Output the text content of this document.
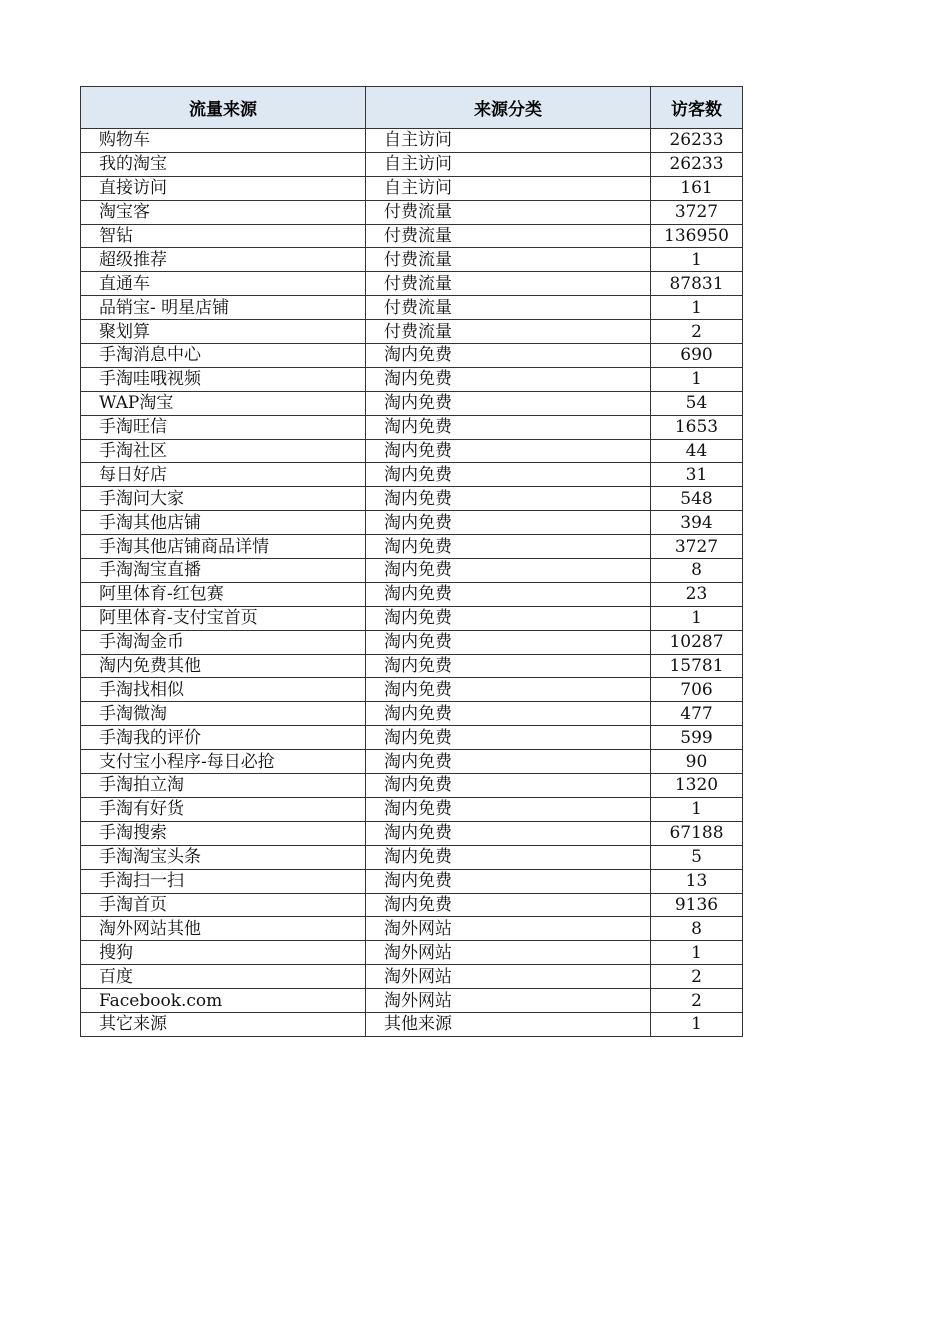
流量来源	来源分类	访客数
购物车	自主访问	26233
我的淘宝	自主访问	26233
直接访问	自主访问	161
淘宝客	付费流量	3727
智钻	付费流量	136950
超级推荐	付费流量	1
直通车	付费流量	87831
品销宝- 明星店铺	付费流量	1
聚划算	付费流量	2
手淘消息中心	淘内免费	690
手淘哇哦视频	淘内免费	1
WAP淘宝	淘内免费	54
手淘旺信	淘内免费	1653
手淘社区	淘内免费	44
每日好店	淘内免费	31
手淘问大家	淘内免费	548
手淘其他店铺	淘内免费	394
手淘其他店铺商品详情	淘内免费	3727
手淘淘宝直播	淘内免费	8
阿里体育-红包赛	淘内免费	23
阿里体育-支付宝首页	淘内免费	1
手淘淘金币	淘内免费	10287
淘内免费其他	淘内免费	15781
手淘找相似	淘内免费	706
手淘微淘	淘内免费	477
手淘我的评价	淘内免费	599
支付宝小程序-每日必抢	淘内免费	90
手淘拍立淘	淘内免费	1320
手淘有好货	淘内免费	1
手淘搜索	淘内免费	67188
手淘淘宝头条	淘内免费	5
手淘扫一扫	淘内免费	13
手淘首页	淘内免费	9136
淘外网站其他	淘外网站	8
搜狗	淘外网站	1
百度	淘外网站	2
Facebook.com	淘外网站	2
其它来源	其他来源	1
